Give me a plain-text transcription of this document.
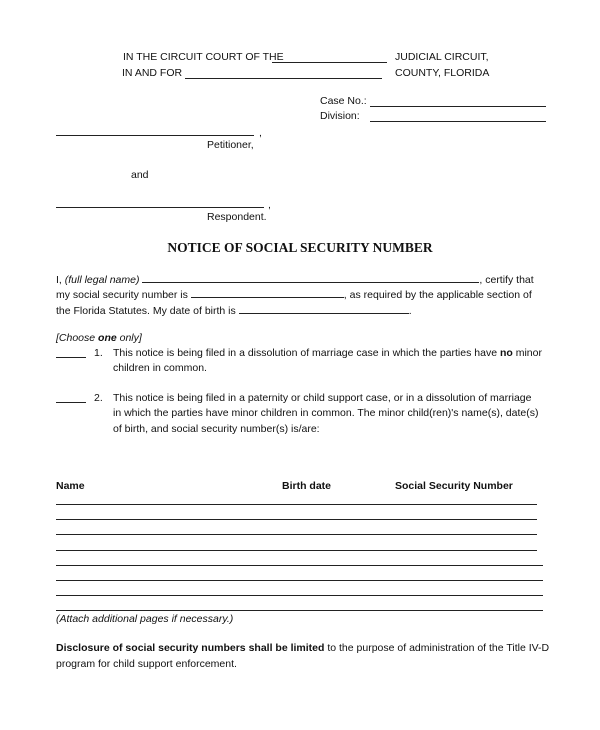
IN THE CIRCUIT COURT OF THE	JUDICIAL CIRCUIT,
IN AND FOR	COUNTY, FLORIDA
Case No.:
Division:
,
Petitioner,
and
,
Respondent.
NOTICE OF SOCIAL SECURITY NUMBER
I, (full legal name)	, certify that
my social security number is	, as required by the applicable section of
the Florida Statutes. My date of birth is	.
[Choose one only]
1. This notice is being filed in a dissolution of marriage case in which the parties have no minor
children in common.
2. This notice is being filed in a paternity or child support case, or in a dissolution of marriage
in which the parties have minor children in common. The minor child(ren)'s name(s), date(s)
of birth, and social security number(s) is/are:
Name	Birth date	Social Security Number
(Attach additional pages if necessary.)
Disclosure of social security numbers shall be limited to the purpose of administration of the Title IV-D
program for child support enforcement.
